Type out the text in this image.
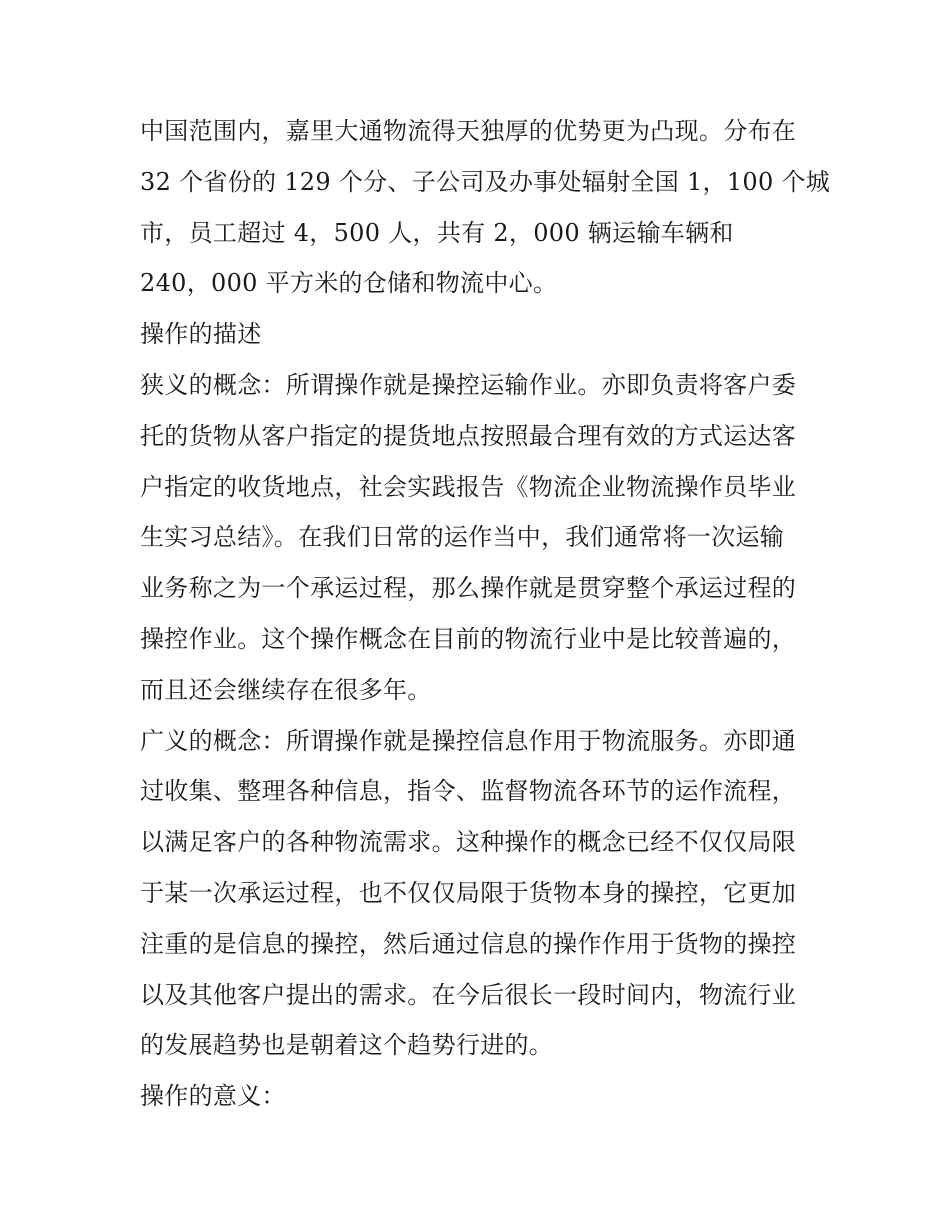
中国范围内，嘉里大通物流得天独厚的优势更为凸现。分布在
32 个省份的 129 个分、子公司及办事处辐射全国 1，100 个城
市，员工超过 4，500 人，共有 2，000 辆运输车辆和
240，000 平方米的仓储和物流中心。
操作的描述
狭义的概念：所谓操作就是操控运输作业。亦即负责将客户委
托的货物从客户指定的提货地点按照最合理有效的方式运达客
户指定的收货地点，社会实践报告《物流企业物流操作员毕业
生实习总结》。在我们日常的运作当中，我们通常将一次运输
业务称之为一个承运过程，那么操作就是贯穿整个承运过程的
操控作业。这个操作概念在目前的物流行业中是比较普遍的，
而且还会继续存在很多年。
广义的概念：所谓操作就是操控信息作用于物流服务。亦即通
过收集、整理各种信息，指令、监督物流各环节的运作流程，
以满足客户的各种物流需求。这种操作的概念已经不仅仅局限
于某一次承运过程，也不仅仅局限于货物本身的操控，它更加
注重的是信息的操控，然后通过信息的操作作用于货物的操控
以及其他客户提出的需求。在今后很长一段时间内，物流行业
的发展趋势也是朝着这个趋势行进的。
操作的意义：
